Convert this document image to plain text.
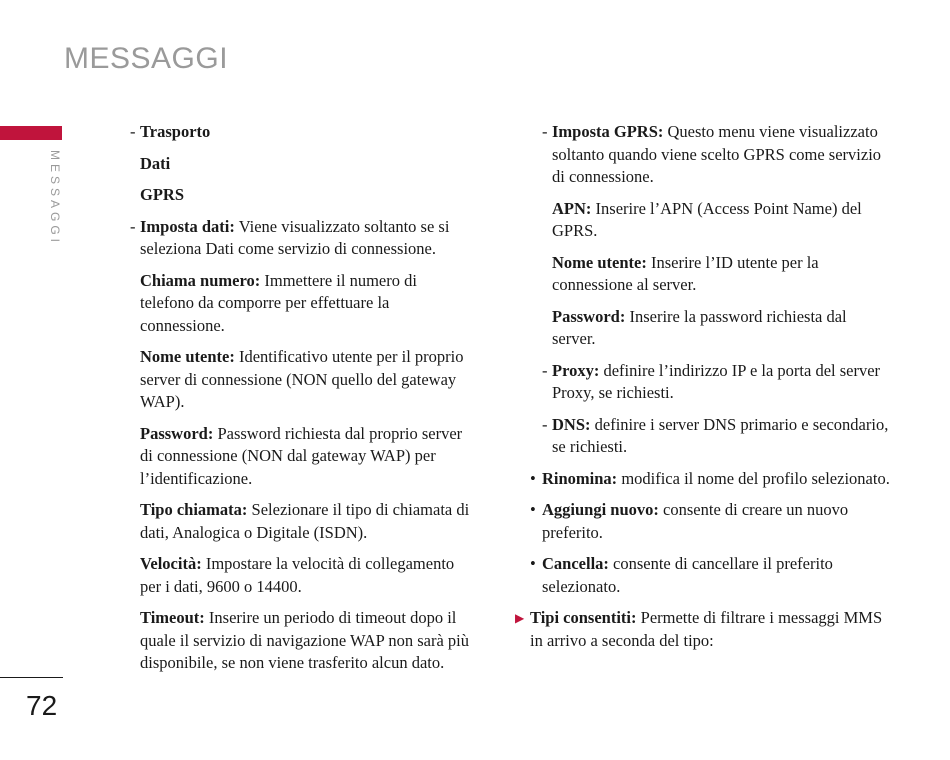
MESSAGGI
MESSAGGI
72
- Trasporto
Dati
GPRS
- Imposta dati: Viene visualizzato soltanto se si seleziona Dati come servizio di connessione.
Chiama numero: Immettere il numero di telefono da comporre per effettuare la connessione.
Nome utente: Identificativo utente per il proprio server di connessione (NON quello del gateway WAP).
Password: Password richiesta dal proprio server di connessione (NON dal gateway WAP) per l’identificazione.
Tipo chiamata: Selezionare il tipo di chiamata di dati, Analogica o Digitale (ISDN).
Velocità: Impostare la velocità di collegamento per i dati, 9600 o 14400.
Timeout: Inserire un periodo di timeout dopo il quale il servizio di navigazione WAP non sarà più disponibile, se non viene trasferito alcun dato.
- Imposta GPRS: Questo menu viene visualizzato soltanto quando viene scelto GPRS come servizio di connessione.
APN: Inserire l’APN (Access Point Name) del GPRS.
Nome utente: Inserire l’ID utente per la connessione al server.
Password: Inserire la password richiesta dal server.
- Proxy: definire l’indirizzo IP e la porta del server Proxy, se richiesti.
- DNS: definire i server DNS primario e secondario, se richiesti.
• Rinomina: modifica il nome del profilo selezionato.
• Aggiungi nuovo: consente di creare un nuovo preferito.
• Cancella: consente di cancellare il preferito selezionato.
▶ Tipi consentiti: Permette di filtrare i messaggi MMS in arrivo a seconda del tipo:
